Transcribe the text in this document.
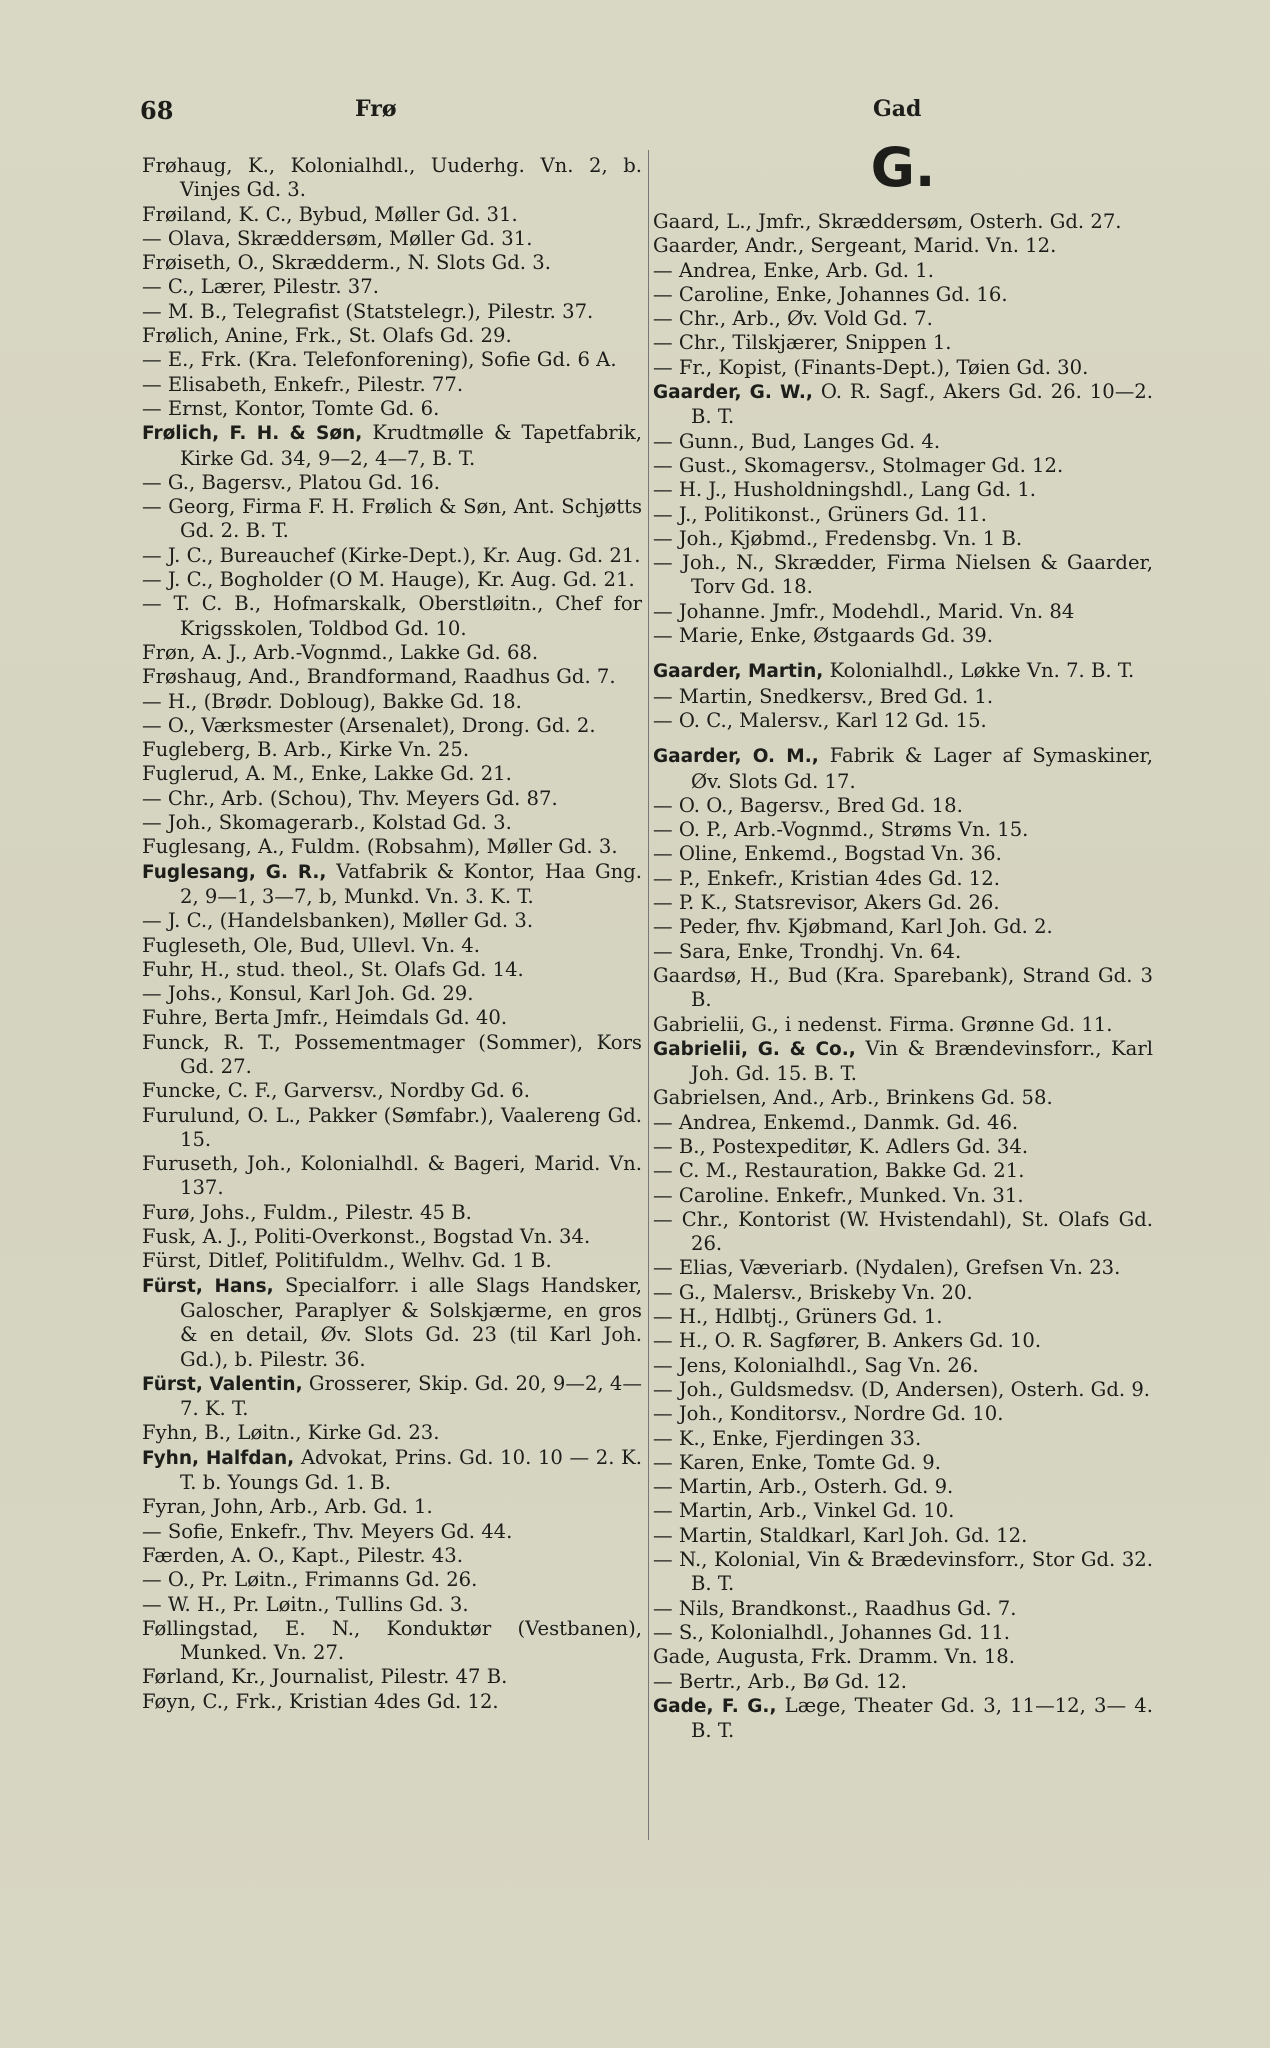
68	Frø	Gad

Frøhaug, K., Kolonialhdl., Uuderhg. Vn. 2, b. Vinjes Gd. 3.

Frøiland, K. C., Bybud, Møller Gd. 31.

— Olava, Skræddersøm, Møller Gd. 31.

Frøiseth, O., Skrædderm., N. Slots Gd. 3.

— C., Lærer, Pilestr. 37.

— M. B., Telegrafist (Statstelegr.), Pilestr. 37.

Frølich, Anine, Frk., St. Olafs Gd. 29.

— E., Frk. (Kra. Telefonforening), Sofie Gd. 6 A.

— Elisabeth, Enkefr., Pilestr. 77.

— Ernst, Kontor, Tomte Gd. 6.

Frølich, F. H. & Søn, Krudtmølle & Tapetfabrik, Kirke Gd. 34, 9—2, 4—7, B. T.

— G., Bagersv., Platou Gd. 16.

— Georg, Firma F. H. Frølich & Søn, Ant. Schjøtts Gd. 2. B. T.

— J. C., Bureauchef (Kirke-Dept.), Kr. Aug. Gd. 21.

— J. C., Bogholder (O M. Hauge), Kr. Aug. Gd. 21.

— T. C. B., Hofmarskalk, Oberstløitn., Chef for Krigsskolen, Toldbod Gd. 10.

Frøn, A. J., Arb.-Vognmd., Lakke Gd. 68.

Frøshaug, And., Brandformand, Raadhus Gd. 7.

— H., (Brødr. Dobloug), Bakke Gd. 18.

— O., Værksmester (Arsenalet), Drong. Gd. 2.

Fugleberg, B. Arb., Kirke Vn. 25.

Fuglerud, A. M., Enke, Lakke Gd. 21.

— Chr., Arb. (Schou), Thv. Meyers Gd. 87.

— Joh., Skomagerarb., Kolstad Gd. 3.

Fuglesang, A., Fuldm. (Robsahm), Møller Gd. 3.

Fuglesang, G. R., Vatfabrik & Kontor, Haa Gng. 2, 9—1, 3—7, b, Munkd. Vn. 3. K. T.

— J. C., (Handelsbanken), Møller Gd. 3.

Fugleseth, Ole, Bud, Ullevl. Vn. 4.

Fuhr, H., stud. theol., St. Olafs Gd. 14.

— Johs., Konsul, Karl Joh. Gd. 29.

Fuhre, Berta Jmfr., Heimdals Gd. 40.

Funck, R. T., Possementmager (Sommer), Kors Gd. 27.

Funcke, C. F., Garversv., Nordby Gd. 6.

Furulund, O. L., Pakker (Sømfabr.), Vaalereng Gd. 15.

Furuseth, Joh., Kolonialhdl. & Bageri, Marid. Vn. 137.

Furø, Johs., Fuldm., Pilestr. 45 B.

Fusk, A. J., Politi-Overkonst., Bogstad Vn. 34.

Fürst, Ditlef, Politifuldm., Welhv. Gd. 1 B.

Fürst, Hans, Specialforr. i alle Slags Handsker, Galoscher, Paraplyer & Solskjærme, en gros & en detail, Øv. Slots Gd. 23 (til Karl Joh. Gd.), b. Pilestr. 36.

Fürst, Valentin, Grosserer, Skip. Gd. 20, 9—2, 4—7. K. T.

Fyhn, B., Løitn., Kirke Gd. 23.

Fyhn, Halfdan, Advokat, Prins. Gd. 10. 10 — 2. K. T. b. Youngs Gd. 1. B.

Fyran, John, Arb., Arb. Gd. 1.

— Sofie, Enkefr., Thv. Meyers Gd. 44.

Færden, A. O., Kapt., Pilestr. 43.

— O., Pr. Løitn., Frimanns Gd. 26.

— W. H., Pr. Løitn., Tullins Gd. 3.

Føllingstad, E. N., Konduktør (Vestbanen), Munked. Vn. 27.

Førland, Kr., Journalist, Pilestr. 47 B.

Føyn, C., Frk., Kristian 4des Gd. 12.

G.

Gaard, L., Jmfr., Skræddersøm, Osterh. Gd. 27.

Gaarder, Andr., Sergeant, Marid. Vn. 12.

— Andrea, Enke, Arb. Gd. 1.

— Caroline, Enke, Johannes Gd. 16.

— Chr., Arb., Øv. Vold Gd. 7.

— Chr., Tilskjærer, Snippen 1.

— Fr., Kopist, (Finants-Dept.), Tøien Gd. 30.

Gaarder, G. W., O. R. Sagf., Akers Gd. 26. 10—2. B. T.

— Gunn., Bud, Langes Gd. 4.

— Gust., Skomagersv., Stolmager Gd. 12.

— H. J., Husholdningshdl., Lang Gd. 1.

— J., Politikonst., Grüners Gd. 11.

— Joh., Kjøbmd., Fredensbg. Vn. 1 B.

— Joh., N., Skrædder, Firma Nielsen & Gaarder, Torv Gd. 18.

— Johanne. Jmfr., Modehdl., Marid. Vn. 84

— Marie, Enke, Østgaards Gd. 39.

Gaarder, Martin, Kolonialhdl., Løkke Vn. 7. B. T.

— Martin, Snedkersv., Bred Gd. 1.

— O. C., Malersv., Karl 12 Gd. 15.

Gaarder, O. M., Fabrik & Lager af Symaskiner, Øv. Slots Gd. 17.

— O. O., Bagersv., Bred Gd. 18.

— O. P., Arb.-Vognmd., Strøms Vn. 15.

— Oline, Enkemd., Bogstad Vn. 36.

— P., Enkefr., Kristian 4des Gd. 12.

— P. K., Statsrevisor, Akers Gd. 26.

— Peder, fhv. Kjøbmand, Karl Joh. Gd. 2.

— Sara, Enke, Trondhj. Vn. 64.

Gaardsø, H., Bud (Kra. Sparebank), Strand Gd. 3 B.

Gabrielii, G., i nedenst. Firma. Grønne Gd. 11.

Gabrielii, G. & Co., Vin & Brændevinsforr., Karl Joh. Gd. 15. B. T.

Gabrielsen, And., Arb., Brinkens Gd. 58.

— Andrea, Enkemd., Danmk. Gd. 46.

— B., Postexpeditør, K. Adlers Gd. 34.

— C. M., Restauration, Bakke Gd. 21.

— Caroline. Enkefr., Munked. Vn. 31.

— Chr., Kontorist (W. Hvistendahl), St. Olafs Gd. 26.

— Elias, Væveriarb. (Nydalen), Grefsen Vn. 23.

— G., Malersv., Briskeby Vn. 20.

— H., Hdlbtj., Grüners Gd. 1.

— H., O. R. Sagfører, B. Ankers Gd. 10.

— Jens, Kolonialhdl., Sag Vn. 26.

— Joh., Guldsmedsv. (D, Andersen), Osterh. Gd. 9.

— Joh., Konditorsv., Nordre Gd. 10.

— K., Enke, Fjerdingen 33.

— Karen, Enke, Tomte Gd. 9.

— Martin, Arb., Osterh. Gd. 9.

— Martin, Arb., Vinkel Gd. 10.

— Martin, Staldkarl, Karl Joh. Gd. 12.

— N., Kolonial, Vin & Brædevinsforr., Stor Gd. 32. B. T.

— Nils, Brandkonst., Raadhus Gd. 7.

— S., Kolonialhdl., Johannes Gd. 11.

Gade, Augusta, Frk. Dramm. Vn. 18.

— Bertr., Arb., Bø Gd. 12.

Gade, F. G., Læge, Theater Gd. 3, 11—12, 3— 4. B. T.
